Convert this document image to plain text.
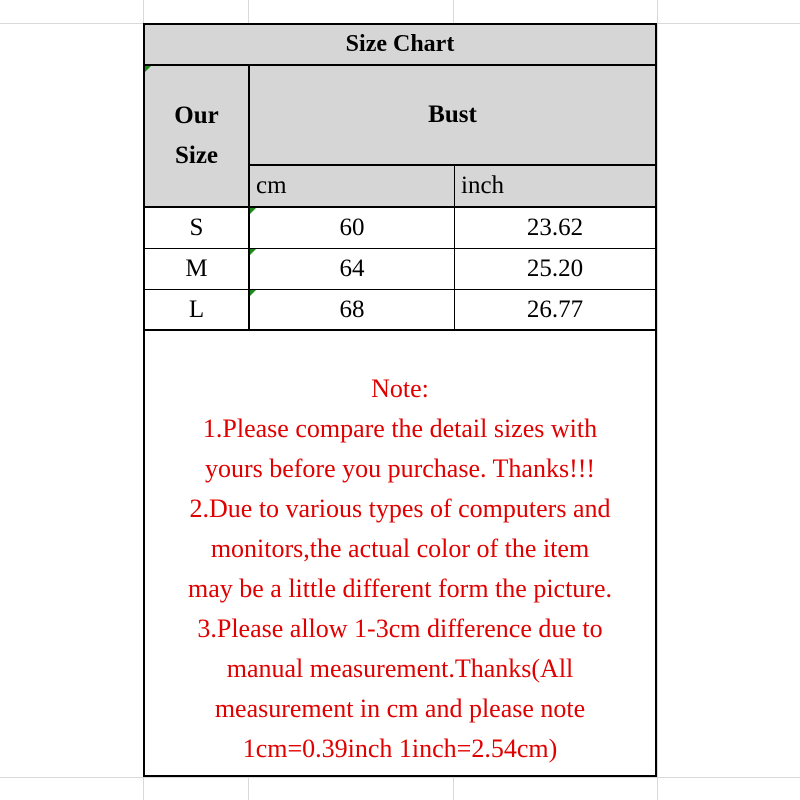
Size Chart
Our
Size
Bust
cm	inch
S	60	23.62
M	64	25.20
L	68	26.77
Note:
1.Please compare the detail sizes with
yours before you purchase. Thanks!!!
2.Due to various types of computers and
monitors,the actual color of the item
may be a little different form the picture.
3.Please allow 1-3cm difference due to
manual measurement.Thanks(All
measurement in cm and please note
1cm=0.39inch 1inch=2.54cm)
